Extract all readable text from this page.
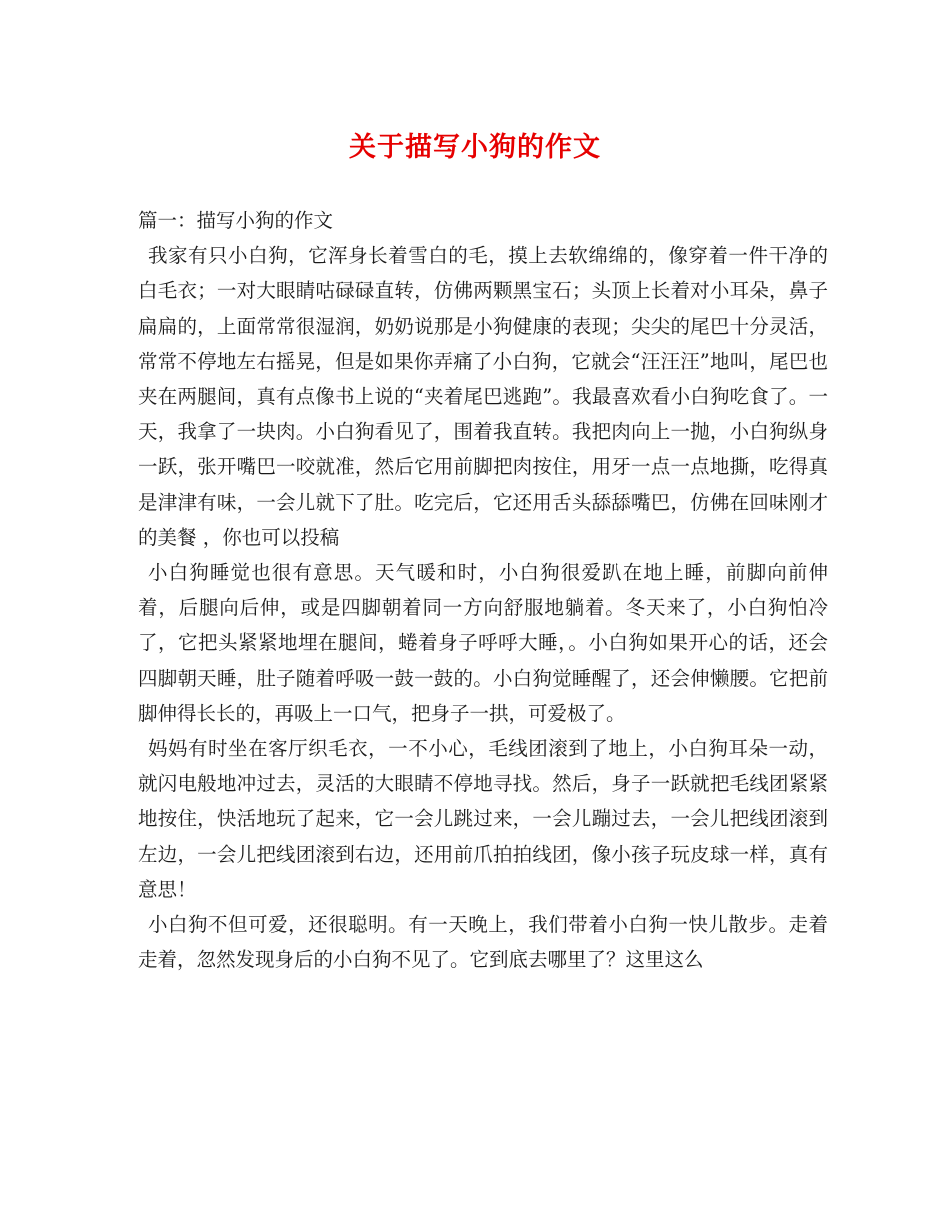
关于描写小狗的作文

篇一：描写小狗的作文

我家有只小白狗，它浑身长着雪白的毛，摸上去软绵绵的，像穿着一件干净的白毛衣；一对大眼睛咕碌碌直转，仿佛两颗黑宝石；头顶上长着对小耳朵，鼻子扁扁的，上面常常很湿润，奶奶说那是小狗健康的表现；尖尖的尾巴十分灵活，常常不停地左右摇晃，但是如果你弄痛了小白狗，它就会“汪汪汪”地叫，尾巴也夹在两腿间，真有点像书上说的“夹着尾巴逃跑”。我最喜欢看小白狗吃食了。一天，我拿了一块肉。小白狗看见了，围着我直转。我把肉向上一抛，小白狗纵身一跃，张开嘴巴一咬就准，然后它用前脚把肉按住，用牙一点一点地撕，吃得真是津津有味，一会儿就下了肚。吃完后，它还用舌头舔舔嘴巴，仿佛在回味刚才的美餐 ，你也可以投稿

小白狗睡觉也很有意思。天气暖和时，小白狗很爱趴在地上睡，前脚向前伸着，后腿向后伸，或是四脚朝着同一方向舒服地躺着。冬天来了，小白狗怕冷了，它把头紧紧地埋在腿间，蜷着身子呼呼大睡，。小白狗如果开心的话，还会四脚朝天睡，肚子随着呼吸一鼓一鼓的。小白狗觉睡醒了，还会伸懒腰。它把前脚伸得长长的，再吸上一口气，把身子一拱，可爱极了。

妈妈有时坐在客厅织毛衣，一不小心，毛线团滚到了地上，小白狗耳朵一动，就闪电般地冲过去，灵活的大眼睛不停地寻找。然后，身子一跃就把毛线团紧紧地按住，快活地玩了起来，它一会儿跳过来，一会儿蹦过去，一会儿把线团滚到左边，一会儿把线团滚到右边，还用前爪拍拍线团，像小孩子玩皮球一样，真有意思！

小白狗不但可爱，还很聪明。有一天晚上，我们带着小白狗一快儿散步。走着走着，忽然发现身后的小白狗不见了。它到底去哪里了？这里这么
